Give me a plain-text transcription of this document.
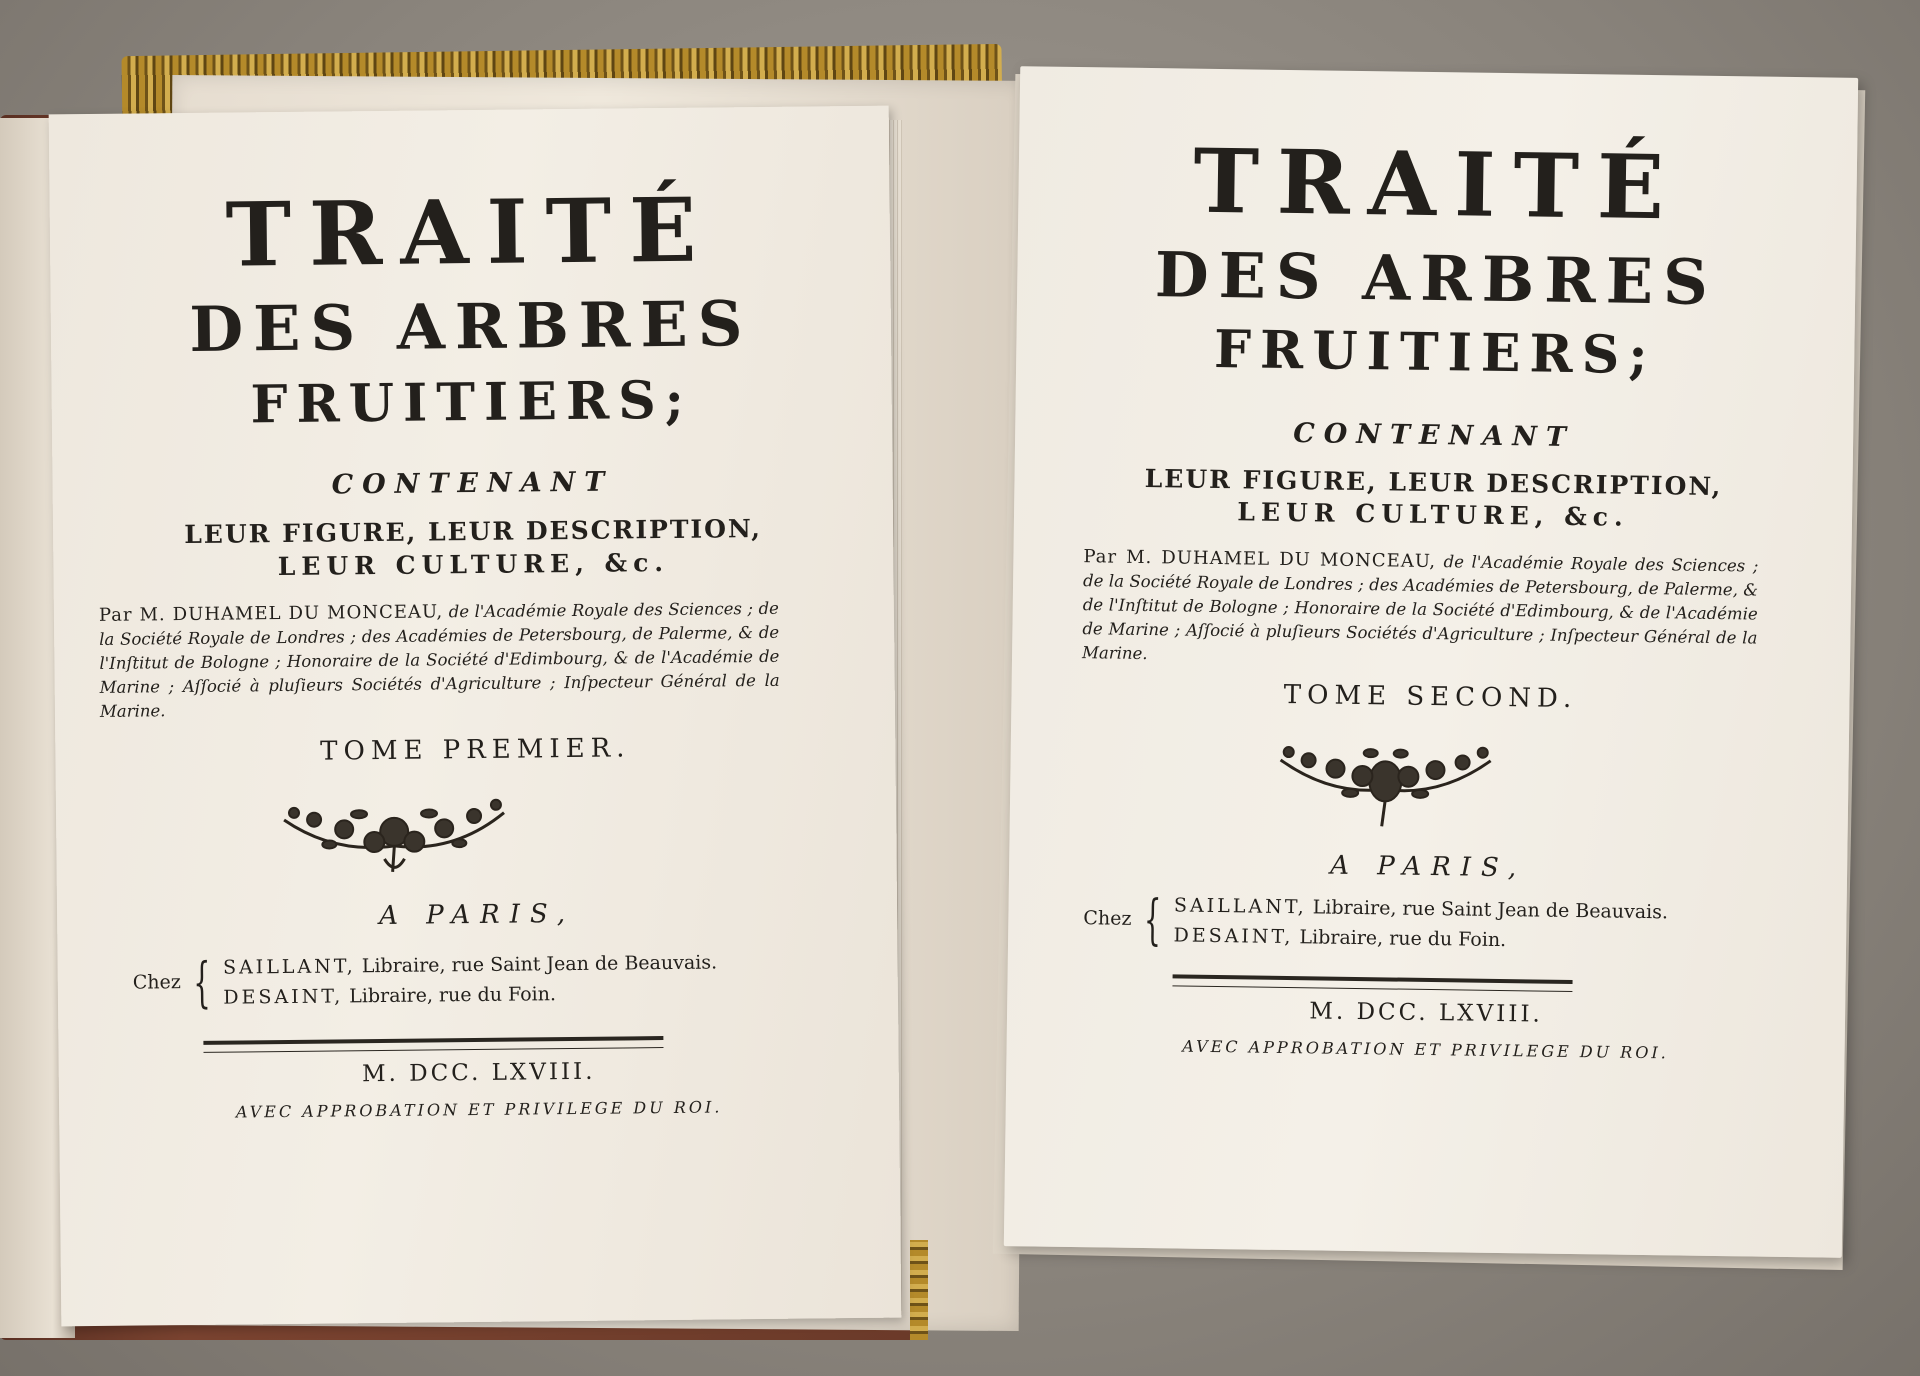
TRAITÉ
DES ARBRES
FRUITIERS;
CONTENANT
LEUR FIGURE, LEUR DESCRIPTION,
LEUR CULTURE, &c.
Par M. DUHAMEL DU MONCEAU, de l'Académie Royale des Sciences ; de la Société Royale de Londres ; des Académies de Petersbourg, de Palerme, & de l'Inſtitut de Bologne ; Honoraire de la Société d'Edimbourg, & de l'Académie de Marine ; Aſſocié à pluſieurs Sociétés d'Agriculture ; Inſpecteur Général de la Marine.
TOME PREMIER.
A PARIS,
Chez { SAILLANT, Libraire, rue Saint Jean de Beauvais.
DESAINT, Libraire, rue du Foin.
M. DCC. LXVIII.
AVEC APPROBATION ET PRIVILEGE DU ROI.
TRAITÉ
DES ARBRES
FRUITIERS;
CONTENANT
LEUR FIGURE, LEUR DESCRIPTION,
LEUR CULTURE, &c.
Par M. DUHAMEL DU MONCEAU, de l'Académie Royale des Sciences ; de la Société Royale de Londres ; des Académies de Petersbourg, de Palerme, & de l'Inſtitut de Bologne ; Honoraire de la Société d'Edimbourg, & de l'Académie de Marine ; Aſſocié à pluſieurs Sociétés d'Agriculture ; Inſpecteur Général de la Marine.
TOME SECOND.
A PARIS,
Chez { SAILLANT, Libraire, rue Saint Jean de Beauvais.
DESAINT, Libraire, rue du Foin.
M. DCC. LXVIII.
AVEC APPROBATION ET PRIVILEGE DU ROI.
